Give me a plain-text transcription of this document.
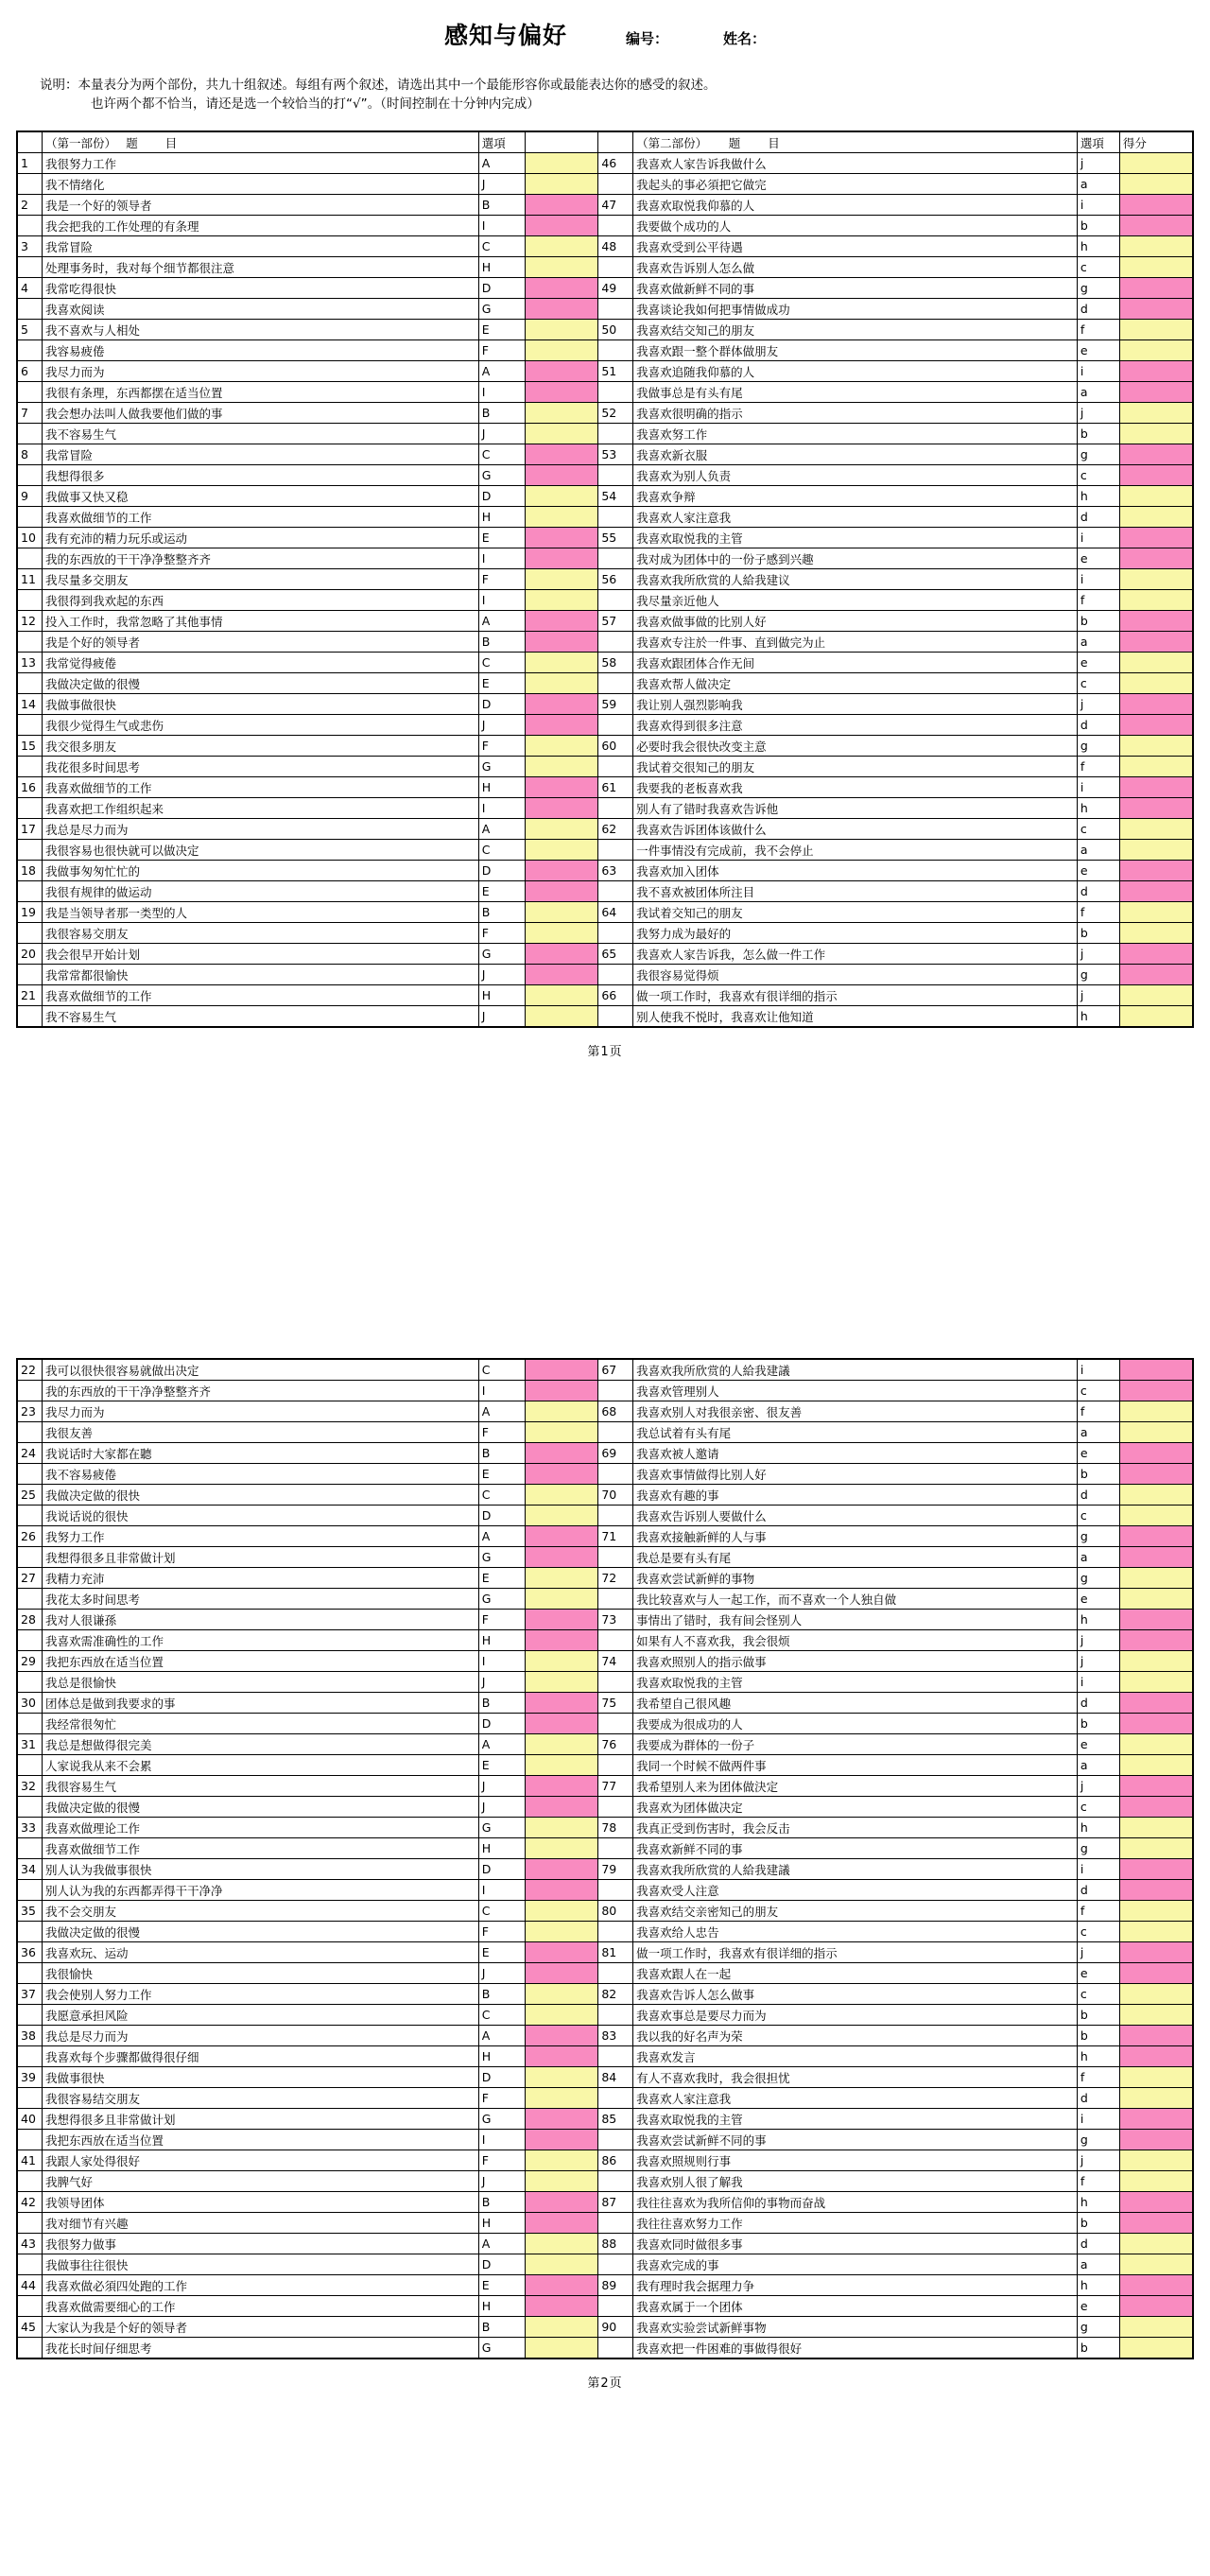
感知与偏好	编号：	姓名：
说明：本量表分为两个部份，共九十组叙述。每组有两个叙述，请选出其中一个最能形容你或最能表达你的感受的叙述。
也许两个都不恰当，请还是选一个较恰当的打“√”。（时间控制在十分钟内完成）
	（第一部份）　 题　　 目	選項			（第二部份）　　 题　　 目	選項	得分
1	我很努力工作	A		46	我喜欢人家告诉我做什么	j	
	我不情绪化	J			我起头的事必須把它做完	a	
2	我是一个好的领导者	B		47	我喜欢取悦我仰慕的人	i	
	我会把我的工作处理的有条理	I			我要做个成功的人	b	
3	我常冒险	C		48	我喜欢受到公平待遇	h	
	处理事务时，我对每个细节都很注意	H			我喜欢告诉别人怎么做	c	
4	我常吃得很快	D		49	我喜欢做新鲜不同的事	g	
	我喜欢阅读	G			我喜谈论我如何把事情做成功	d	
5	我不喜欢与人相处	E		50	我喜欢结交知己的朋友	f	
	我容易疲倦	F			我喜欢跟一整个群体做朋友	e	
6	我尽力而为	A		51	我喜欢追随我仰慕的人	i	
	我很有条理，东西都摆在适当位置	I			我做事总是有头有尾	a	
7	我会想办法叫人做我要他们做的事	B		52	我喜欢很明确的指示	j	
	我不容易生气	J			我喜欢努工作	b	
8	我常冒险	C		53	我喜欢新衣服	g	
	我想得很多	G			我喜欢为别人负责	c	
9	我做事又快又稳	D		54	我喜欢争辩	h	
	我喜欢做细节的工作	H			我喜欢人家注意我	d	
10	我有充沛的精力玩乐或运动	E		55	我喜欢取悦我的主管	i	
	我的东西放的干干净净整整齐齐	I			我对成为团体中的一份子感到兴趣	e	
11	我尽量多交朋友	F		56	我喜欢我所欣赏的人給我建议	i	
	我很得到我欢起的东西	I			我尽量亲近他人	f	
12	投入工作时，我常忽略了其他事情	A		57	我喜欢做事做的比别人好	b	
	我是个好的领导者	B			我喜欢专注於一件事、直到做完为止	a	
13	我常觉得疲倦	C		58	我喜欢跟团体合作无间	e	
	我做决定做的很慢	E			我喜欢帮人做决定	c	
14	我做事做很快	D		59	我让别人强烈影响我	j	
	我很少觉得生气或悲伤	J			我喜欢得到很多注意	d	
15	我交很多朋友	F		60	必要时我会很快改变主意	g	
	我花很多时间思考	G			我试着交很知己的朋友	f	
16	我喜欢做细节的工作	H		61	我要我的老板喜欢我	i	
	我喜欢把工作组织起来	I			别人有了错时我喜欢告诉他	h	
17	我总是尽力而为	A		62	我喜欢告诉团体该做什么	c	
	我很容易也很快就可以做决定	C			一件事情没有完成前，我不会停止	a	
18	我做事匆匆忙忙的	D		63	我喜欢加入团体	e	
	我很有规律的做运动	E			我不喜欢被团体所注目	d	
19	我是当领导者那一类型的人	B		64	我试着交知己的朋友	f	
	我很容易交朋友	F			我努力成为最好的	b	
20	我会很早开始计划	G		65	我喜欢人家告诉我，怎么做一件工作	j	
	我常常都很愉快	J			我很容易觉得烦	g	
21	我喜欢做细节的工作	H		66	做一项工作时，我喜欢有很详细的指示	j	
	我不容易生气	J			别人使我不悦时，我喜欢让他知道	h	
第1页
22	我可以很快很容易就做出决定	C		67	我喜欢我所欣赏的人給我建議	i	
	我的东西放的干干净净整整齐齐	I			我喜欢管理别人	c	
23	我尽力而为	A		68	我喜欢别人对我很亲密、很友善	f	
	我很友善	F			我总试着有头有尾	a	
24	我说话时大家都在聽	B		69	我喜欢被人邀请	e	
	我不容易疲倦	E			我喜欢事情做得比别人好	b	
25	我做决定做的很快	C		70	我喜欢有趣的事	d	
	我说话说的很快	D			我喜欢告诉别人要做什么	c	
26	我努力工作	A		71	我喜欢接触新鲜的人与事	g	
	我想得很多且非常做计划	G			我总是要有头有尾	a	
27	我精力充沛	E		72	我喜欢尝试新鲜的事物	g	
	我花太多时间思考	G			我比较喜欢与人一起工作，而不喜欢一个人独自做	e	
28	我对人很谦孫	F		73	事情出了错时，我有间会怪别人	h	
	我喜欢需准确性的工作	H			如果有人不喜欢我，我会很烦	j	
29	我把东西放在适当位置	I		74	我喜欢照别人的指示做事	j	
	我总是很愉快	J			我喜欢取悦我的主管	i	
30	团体总是做到我要求的事	B		75	我希望自己很风趣	d	
	我经常很匆忙	D			我要成为很成功的人	b	
31	我总是想做得很完美	A		76	我要成为群体的一份子	e	
	人家说我从来不会累	E			我同一个时候不做两件事	a	
32	我很容易生气	J		77	我希望别人来为团体做決定	j	
	我做决定做的很慢	J			我喜欢为团体做决定	c	
33	我喜欢做理论工作	G		78	我真正受到伤害时，我会反击	h	
	我喜欢做细节工作	H			我喜欢新鲜不同的事	g	
34	别人认为我做事很快	D		79	我喜欢我所欣赏的人給我建議	i	
	别人认为我的东西都弄得干干净净	I			我喜欢受人注意	d	
35	我不会交朋友	C		80	我喜欢结交亲密知己的朋友	f	
	我做决定做的很慢	F			我喜欢给人忠告	c	
36	我喜欢玩、运动	E		81	做一项工作时，我喜欢有很详细的指示	j	
	我很愉快	J			我喜欢跟人在一起	e	
37	我会使别人努力工作	B		82	我喜欢告诉人怎么做事	c	
	我愿意承担风险	C			我喜欢事总是要尽力而为	b	
38	我总是尽力而为	A		83	我以我的好名声为荣	b	
	我喜欢每个步骤都做得很仔细	H			我喜欢发言	h	
39	我做事很快	D		84	有人不喜欢我时，我会很担忧	f	
	我很容易结交朋友	F			我喜欢人家注意我	d	
40	我想得很多且非常做计划	G		85	我喜欢取悦我的主管	i	
	我把东西放在适当位置	I			我喜欢尝试新鲜不同的事	g	
41	我跟人家处得很好	F		86	我喜欢照规则行事	j	
	我脾气好	J			我喜欢别人很了解我	f	
42	我领导团体	B		87	我往往喜欢为我所信仰的事物而奋战	h	
	我对细节有兴趣	H			我往往喜欢努力工作	b	
43	我很努力做事	A		88	我喜欢同时做很多事	d	
	我做事往往很快	D			我喜欢完成的事	a	
44	我喜欢做必須四处跑的工作	E		89	我有理时我会据理力争	h	
	我喜欢做需要细心的工作	H			我喜欢属于一个团体	e	
45	大家认为我是个好的领导者	B		90	我喜欢实验尝试新鲜事物	g	
	我花长时间仔细思考	G			我喜欢把一件困难的事做得很好	b	
第2页
